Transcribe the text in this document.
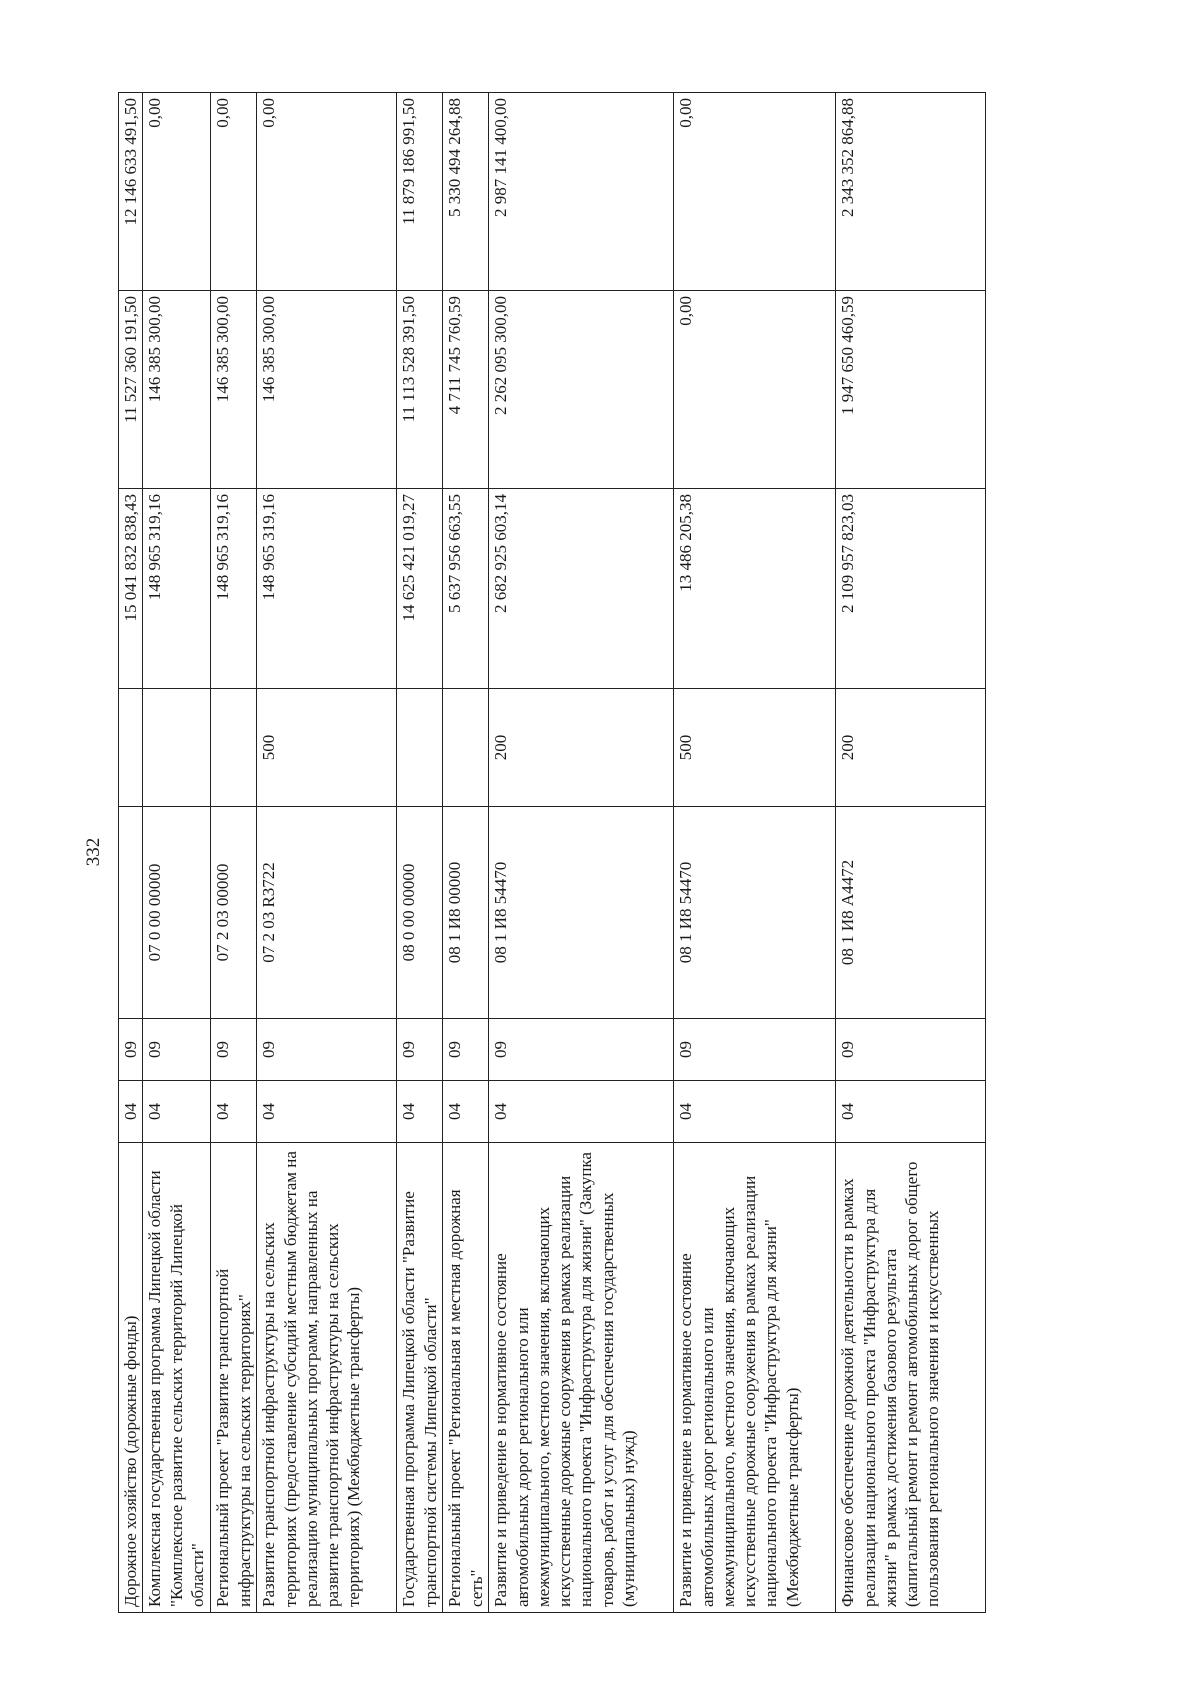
332
Дорожное хозяйство (дорожные фонды)	04	09			15 041 832 838,43	11 527 360 191,50	12 146 633 491,50
Комплексная государственная программа Липецкой области "Комплексное развитие сельских территорий Липецкой области"	04	09	07 0 00 00000		148 965 319,16	146 385 300,00	0,00
Региональный проект "Развитие транспортной инфраструктуры на сельских территориях"	04	09	07 2 03 00000		148 965 319,16	146 385 300,00	0,00
Развитие транспортной инфраструктуры на сельских территориях (предоставление субсидий местным бюджетам на реализацию муниципальных программ, направленных на развитие транспортной инфраструктуры на сельских территориях) (Межбюджетные трансферты)	04	09	07 2 03 R3722	500	148 965 319,16	146 385 300,00	0,00
Государственная программа Липецкой области "Развитие транспортной системы Липецкой области"	04	09	08 0 00 00000		14 625 421 019,27	11 113 528 391,50	11 879 186 991,50
Региональный проект "Региональная и местная дорожная сеть"	04	09	08 1 И8 00000		5 637 956 663,55	4 711 745 760,59	5 330 494 264,88
Развитие и приведение в нормативное состояние автомобильных дорог регионального или межмуниципального, местного значения, включающих искусственные дорожные сооружения в рамках реализации национального проекта "Инфраструктура для жизни" (Закупка товаров, работ и услуг для обеспечения государственных (муниципальных) нужд)	04	09	08 1 И8 54470	200	2 682 925 603,14	2 262 095 300,00	2 987 141 400,00
Развитие и приведение в нормативное состояние автомобильных дорог регионального или межмуниципального, местного значения, включающих искусственные дорожные сооружения в рамках реализации национального проекта "Инфраструктура для жизни" (Межбюджетные трансферты)	04	09	08 1 И8 54470	500	13 486 205,38	0,00	0,00
Финансовое обеспечение дорожной деятельности в рамках реализации национального проекта "Инфраструктура для жизни" в рамках достижения базового результата (капитальный ремонт и ремонт автомобильных дорог общего пользования регионального значения и искусственных	04	09	08 1 И8 А4472	200	2 109 957 823,03	1 947 650 460,59	2 343 352 864,88
